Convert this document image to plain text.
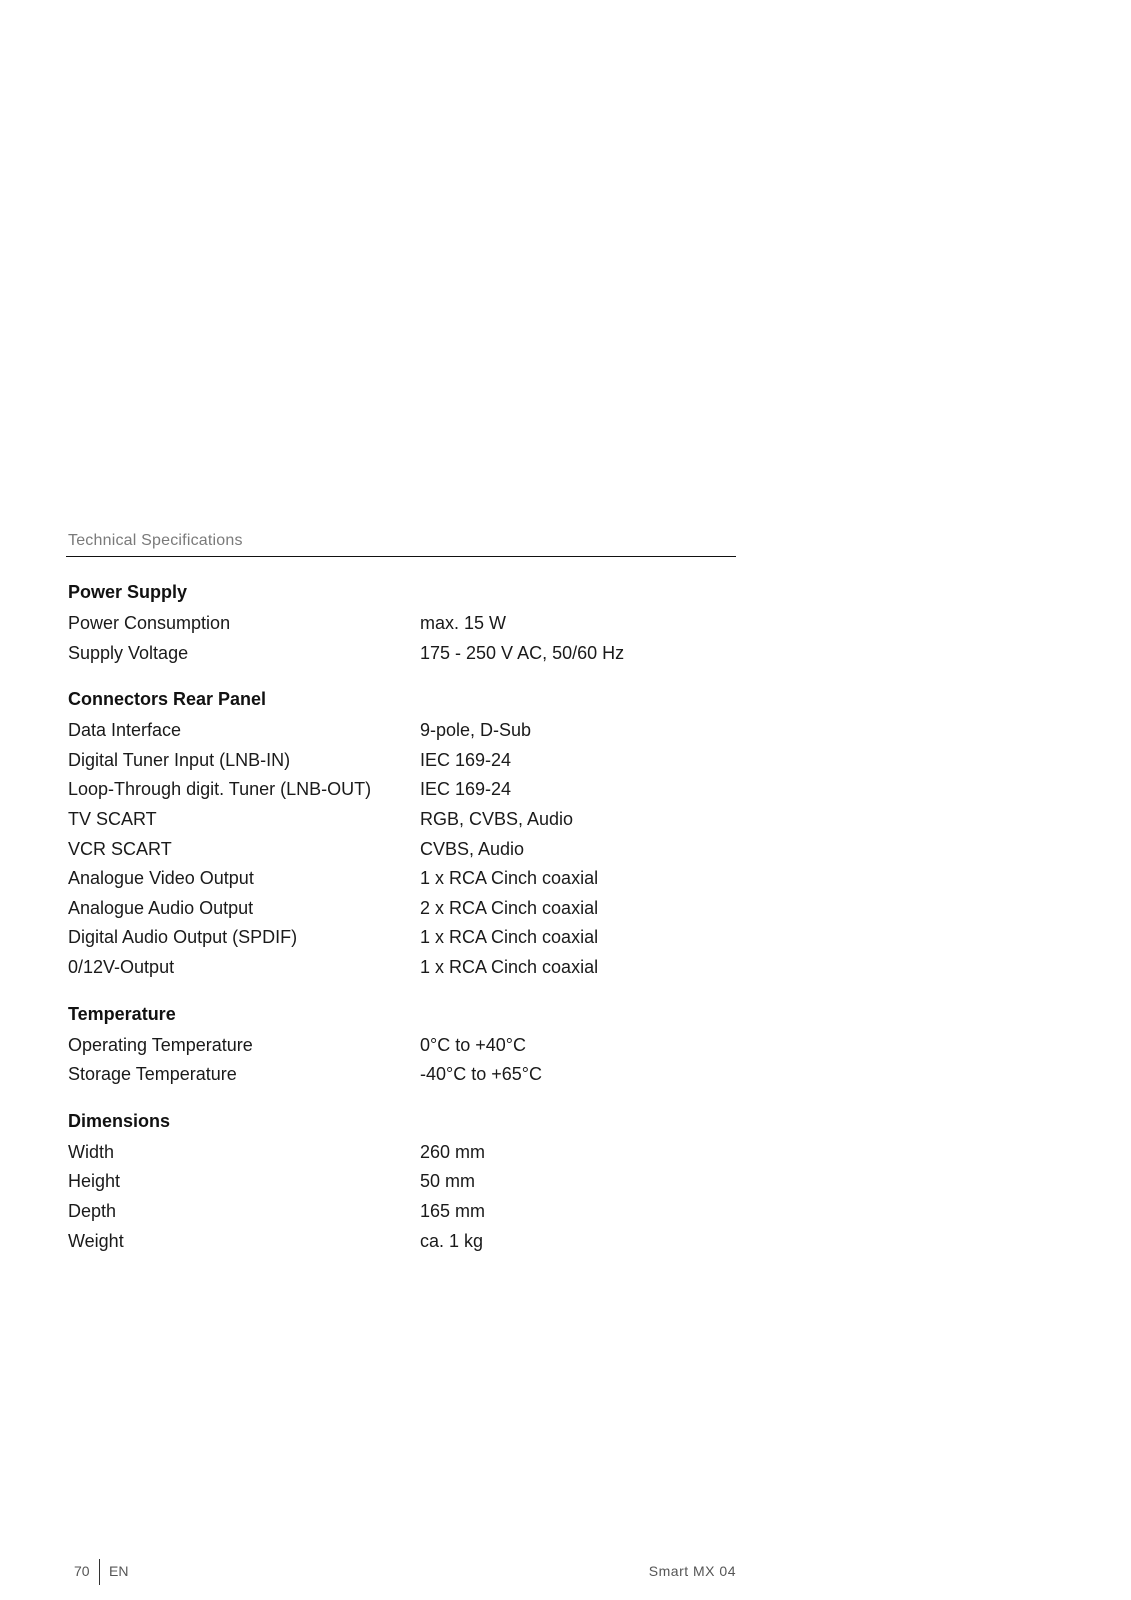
Technical Specifications
Power Supply
Power Consumption	max. 15 W
Supply Voltage	175 - 250 V AC, 50/60 Hz
Connectors Rear Panel
Data Interface	9-pole, D-Sub
Digital Tuner Input (LNB-IN)	IEC 169-24
Loop-Through digit. Tuner (LNB-OUT)	IEC 169-24
TV SCART	RGB, CVBS, Audio
VCR SCART	CVBS, Audio
Analogue Video Output	1 x RCA Cinch coaxial
Analogue Audio Output	2 x RCA Cinch coaxial
Digital Audio Output (SPDIF)	1 x RCA Cinch coaxial
0/12V-Output	1 x RCA Cinch coaxial
Temperature
Operating Temperature	0°C to +40°C
Storage Temperature	-40°C to +65°C
Dimensions
Width	260 mm
Height	50 mm
Depth	165 mm
Weight	ca. 1 kg
70 EN	Smart MX 04
